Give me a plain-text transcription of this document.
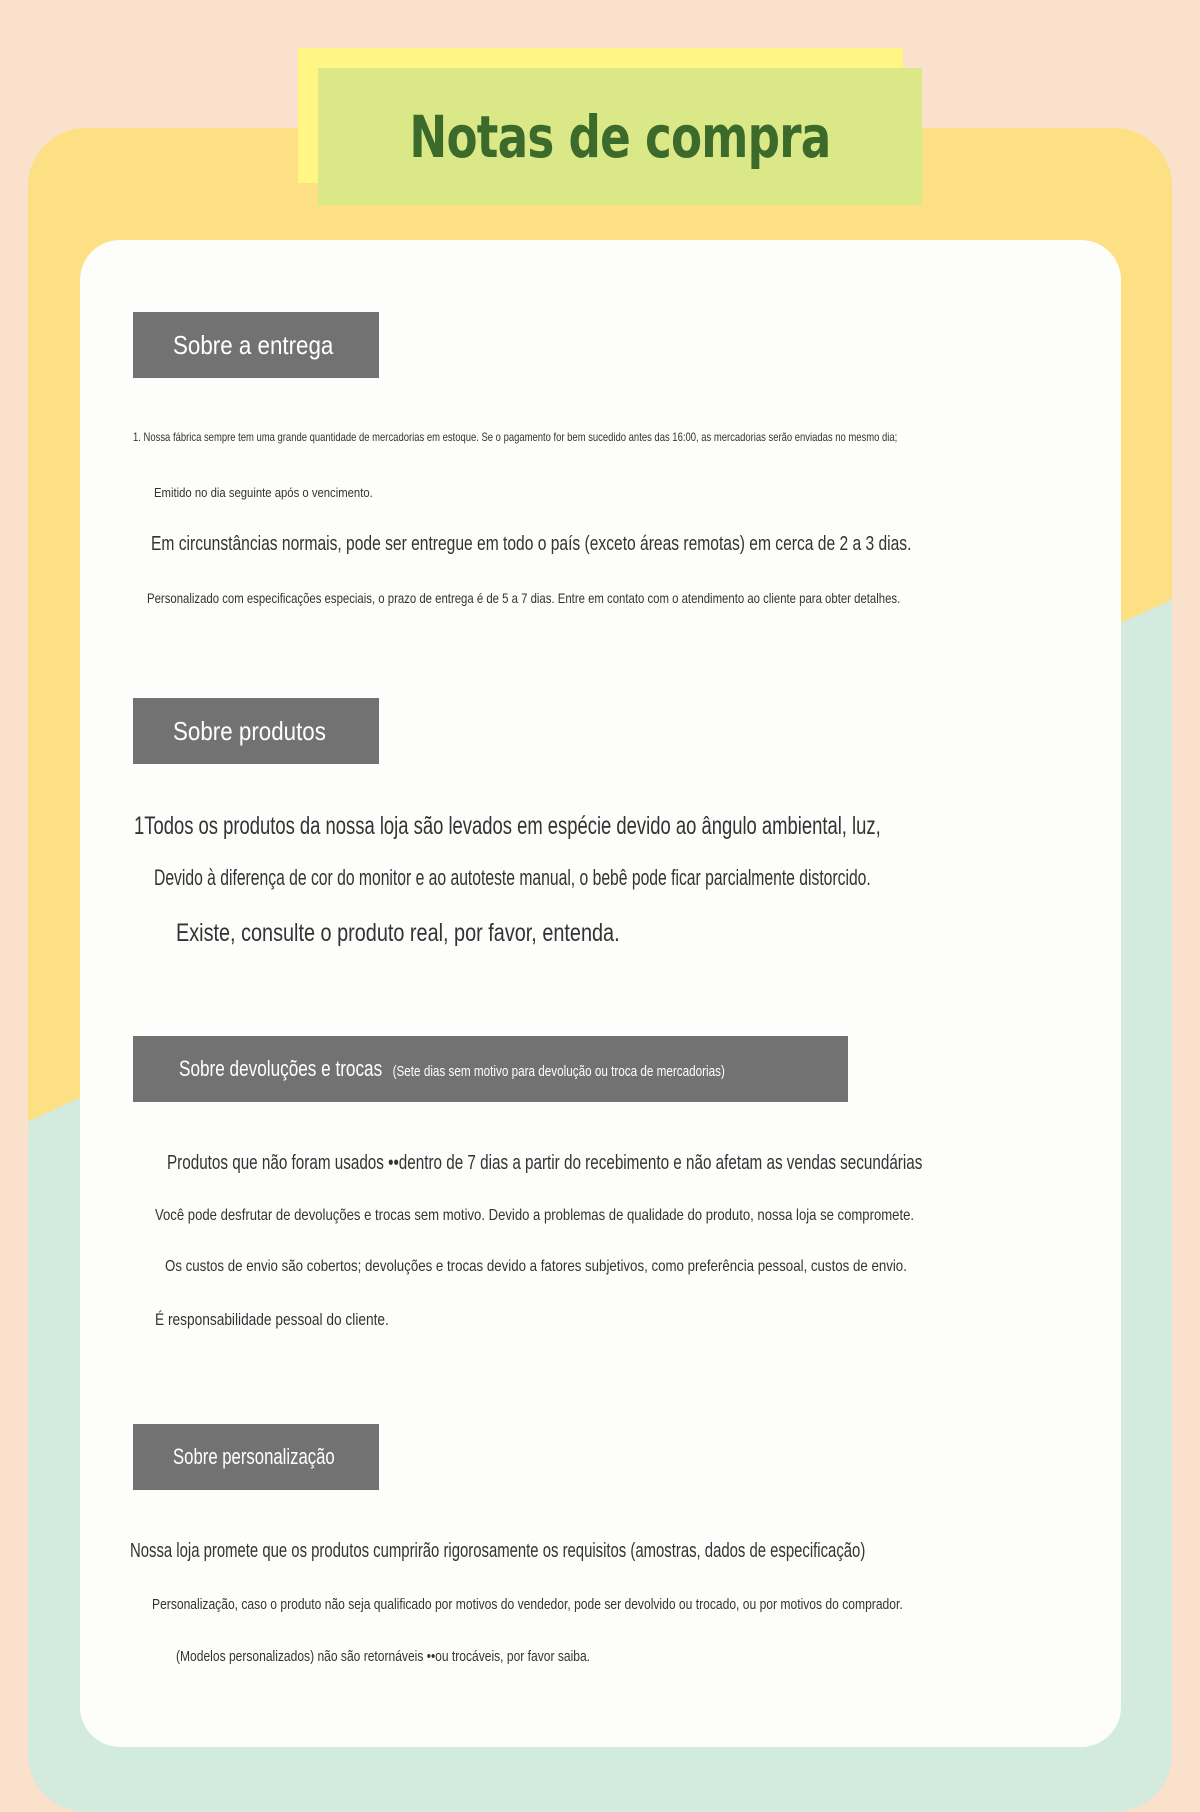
Notas de compra
Sobre a entrega
1. Nossa fábrica sempre tem uma grande quantidade de mercadorias em estoque. Se o pagamento for bem sucedido antes das 16:00, as mercadorias serão enviadas no mesmo dia;
Emitido no dia seguinte após o vencimento.
Em circunstâncias normais, pode ser entregue em todo o país (exceto áreas remotas) em cerca de 2 a 3 dias.
Personalizado com especificações especiais, o prazo de entrega é de 5 a 7 dias. Entre em contato com o atendimento ao cliente para obter detalhes.
Sobre produtos
1Todos os produtos da nossa loja são levados em espécie devido ao ângulo ambiental, luz,
Devido à diferença de cor do monitor e ao autoteste manual, o bebê pode ficar parcialmente distorcido.
Existe, consulte o produto real, por favor, entenda.
Sobre devoluções e trocas (Sete dias sem motivo para devolução ou troca de mercadorias)
Produtos que não foram usados ••dentro de 7 dias a partir do recebimento e não afetam as vendas secundárias
Você pode desfrutar de devoluções e trocas sem motivo. Devido a problemas de qualidade do produto, nossa loja se compromete.
Os custos de envio são cobertos; devoluções e trocas devido a fatores subjetivos, como preferência pessoal, custos de envio.
É responsabilidade pessoal do cliente.
Sobre personalização
Nossa loja promete que os produtos cumprirão rigorosamente os requisitos (amostras, dados de especificação)
Personalização, caso o produto não seja qualificado por motivos do vendedor, pode ser devolvido ou trocado, ou por motivos do comprador.
(Modelos personalizados) não são retornáveis ••ou trocáveis, por favor saiba.
